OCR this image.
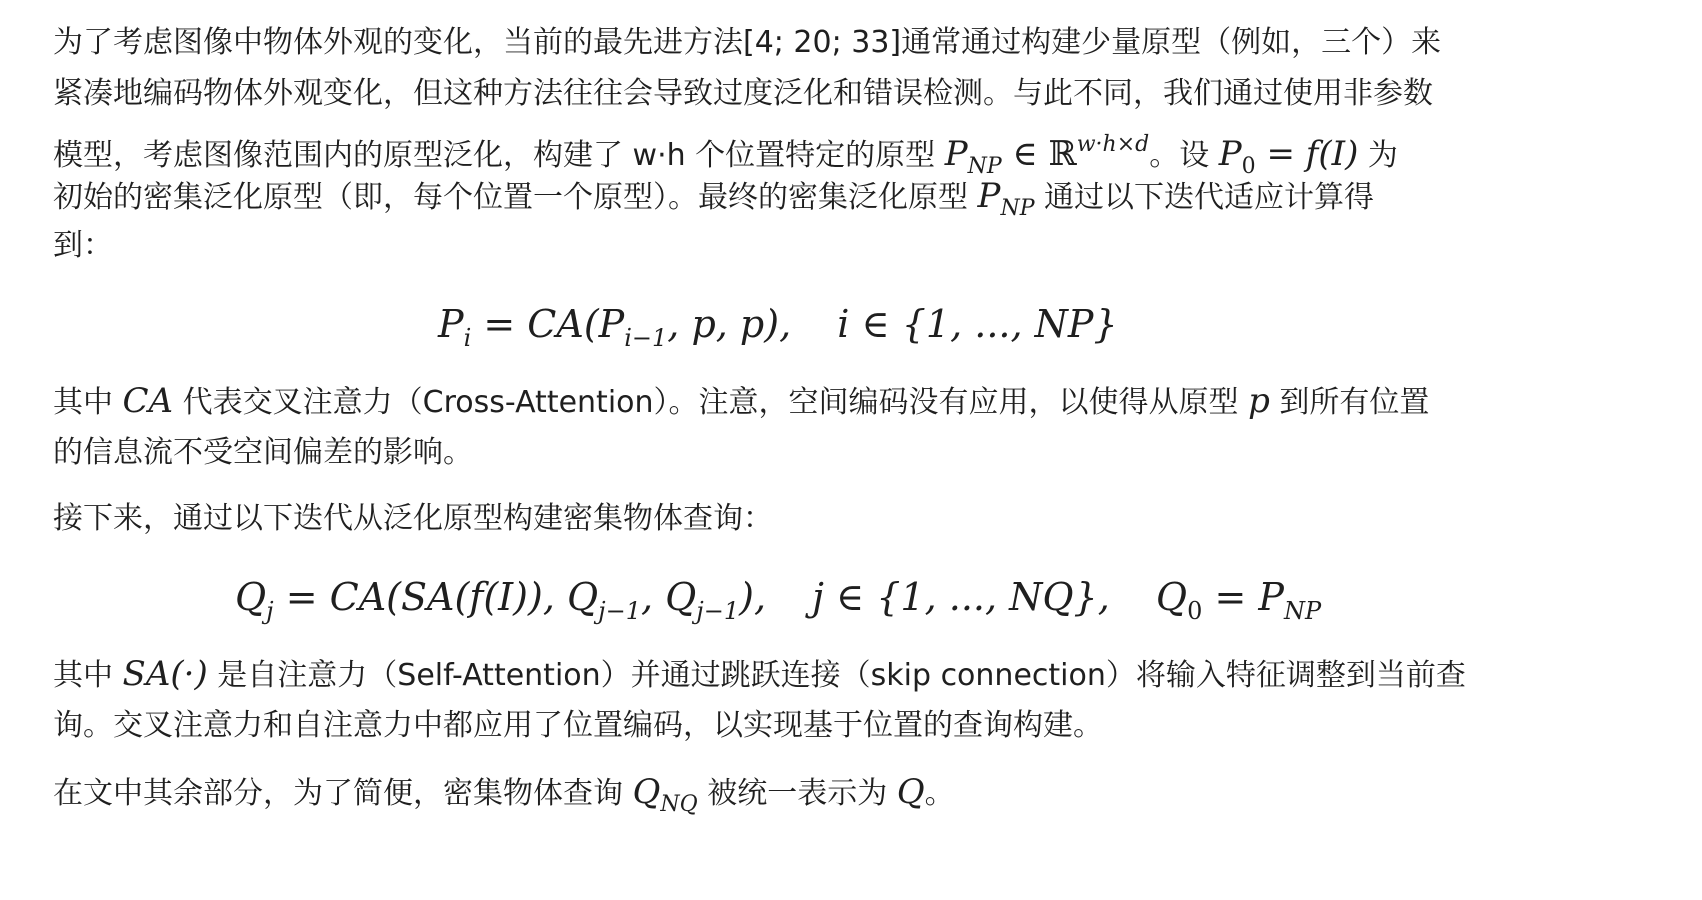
为了考虑图像中物体外观的变化，当前的最先进方法[4; 20; 33]通常通过构建少量原型（例如，三个）来
紧凑地编码物体外观变化，但这种方法往往会导致过度泛化和错误检测。与此不同，我们通过使用非参数
模型，考虑图像范围内的原型泛化，构建了 w·h 个位置特定的原型 $P_{NP}$ ∈ ℝ$^{w\cdot h\times d}$。设 $P_0 = f(I)$ 为
初始的密集泛化原型（即，每个位置一个原型）。最终的密集泛化原型 $P_{NP}$ 通过以下迭代适应计算得
到：
$P_i = CA(P_{i-1}$, p, p), i ∈ {1, ..., NP}
其中 CA 代表交叉注意力（Cross-Attention）。注意，空间编码没有应用，以使得从原型 p 到所有位置
的信息流不受空间偏差的影响。
接下来，通过以下迭代从泛化原型构建密集物体查询：
$Q_j = CA(SA(f(I))$, $Q_{j-1}$, $Q_{j-1}$), j ∈ {1, ..., NQ}, $Q_0 = P_{NP}$
其中 SA(·) 是自注意力（Self-Attention）并通过跳跃连接（skip connection）将输入特征调整到当前查
询。交叉注意力和自注意力中都应用了位置编码，以实现基于位置的查询构建。
在文中其余部分，为了简便，密集物体查询 $Q_{NQ}$ 被统一表示为 Q。
